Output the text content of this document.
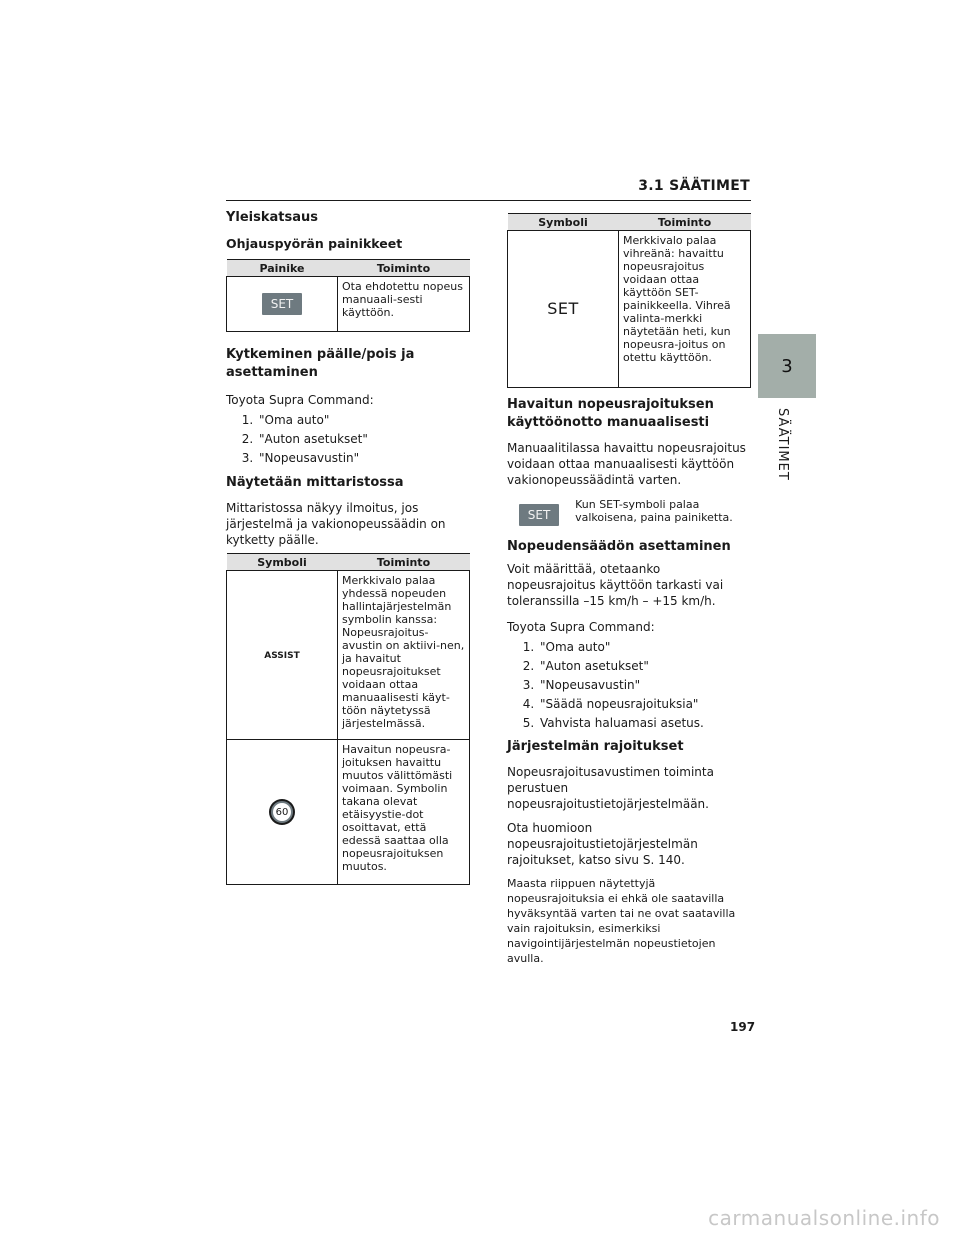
3.1 SÄÄTIMET
3
SÄÄTIMET
Yleiskatsaus
Ohjauspyörän painikkeet
Painike	Toiminto
SET	Ota ehdotettu nopeus manuaali-sesti käyttöön.
Kytkeminen päälle/pois ja asettaminen

Toyota Supra Command:

1. "Oma auto"
2. "Auton asetukset"
3. "Nopeusavustin"
Näytetään mittaristossa

Mittaristossa näkyy ilmoitus, jos järjestelmä ja vakionopeussäädin on kytketty päälle.

Symboli	Toiminto
ASSIST	Merkkivalo palaa yhdessä nopeuden hallintajärjestelmän symbolin kanssa: Nopeusrajoitus-avustin on aktiivi-nen, ja havaitut nopeusrajoitukset voidaan ottaa manuaalisesti käyt-töön näytetyssä järjestelmässä.
60	Havaitun nopeusra-joituksen havaittu muutos välittömästi voimaan. Symbolin takana olevat etäisyystie-dot osoittavat, että edessä saattaa olla nopeusrajoituksen muutos.
Symboli	Toiminto
SET	Merkkivalo palaa vihreänä: havaittu nopeusrajoitus voidaan ottaa käyttöön SET-painikkeella. Vihreä valinta-merkki näytetään heti, kun nopeusra-joitus on otettu käyttöön.
Havaitun nopeusrajoituksen käyttöönotto manuaalisesti

Manuaalitilassa havaittu nopeusrajoitus voidaan ottaa manuaalisesti käyttöön vakionopeussäädintä varten.

SET
Kun SET-symboli palaa valkoisena, paina painiketta.
Nopeudensäädön asettaminen

Voit määrittää, otetaanko nopeusrajoitus käyttöön tarkasti vai toleranssilla –15 km/h – +15 km/h.

Toyota Supra Command:

1. "Oma auto"
2. "Auton asetukset"
3. "Nopeusavustin"
4. "Säädä nopeusrajoituksia"
5. Vahvista haluamasi asetus.
Järjestelmän rajoitukset

Nopeusrajoitusavustimen toiminta perustuen nopeusrajoitustietojärjestelmään.

Ota huomioon nopeusrajoitustietojärjestelmän rajoitukset, katso sivu S. 140.

Maasta riippuen näytettyjä nopeusrajoituksia ei ehkä ole saatavilla hyväksyntää varten tai ne ovat saatavilla vain rajoituksin, esimerkiksi navigointijärjestelmän nopeustietojen avulla.

197
carmanualsonline.info
